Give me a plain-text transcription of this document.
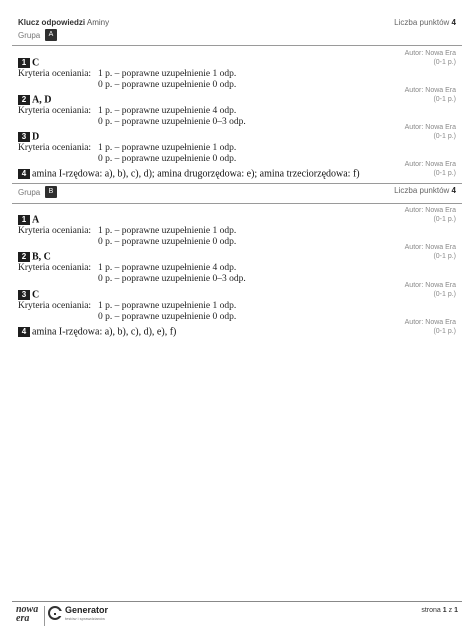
Klucz odpowiedzi Aminy	Liczba punktów 4
Grupa	A
1 C
Autor: Nowa Era
(0-1 p.)
Kryteria oceniania: 1 p. – poprawne uzupełnienie 1 odp.
0 p. – poprawne uzupełnienie 0 odp.
2 A, D
Autor: Nowa Era
(0-1 p.)
Kryteria oceniania: 1 p. – poprawne uzupełnienie 4 odp.
0 p. – poprawne uzupełnienie 0–3 odp.
3 D
Autor: Nowa Era
(0-1 p.)
Kryteria oceniania: 1 p. – poprawne uzupełnienie 1 odp.
0 p. – poprawne uzupełnienie 0 odp.
4 amina I-rzędowa: a), b), c), d); amina drugorzędowa: e); amina trzeciorzędowa: f)
Autor: Nowa Era
(0-1 p.)
Liczba punktów 4
Grupa	B
1 A
Autor: Nowa Era
(0-1 p.)
Kryteria oceniania: 1 p. – poprawne uzupełnienie 1 odp.
0 p. – poprawne uzupełnienie 0 odp.
2 B, C
Autor: Nowa Era
(0-1 p.)
Kryteria oceniania: 1 p. – poprawne uzupełnienie 4 odp.
0 p. – poprawne uzupełnienie 0–3 odp.
3 C
Autor: Nowa Era
(0-1 p.)
Kryteria oceniania: 1 p. – poprawne uzupełnienie 1 odp.
0 p. – poprawne uzupełnienie 0 odp.
4 amina I-rzędowa: a), b), c), d), e), f)
Autor: Nowa Era
(0-1 p.)
nowa era
Generator
testów i sprawdzianów
strona 1 z 1
